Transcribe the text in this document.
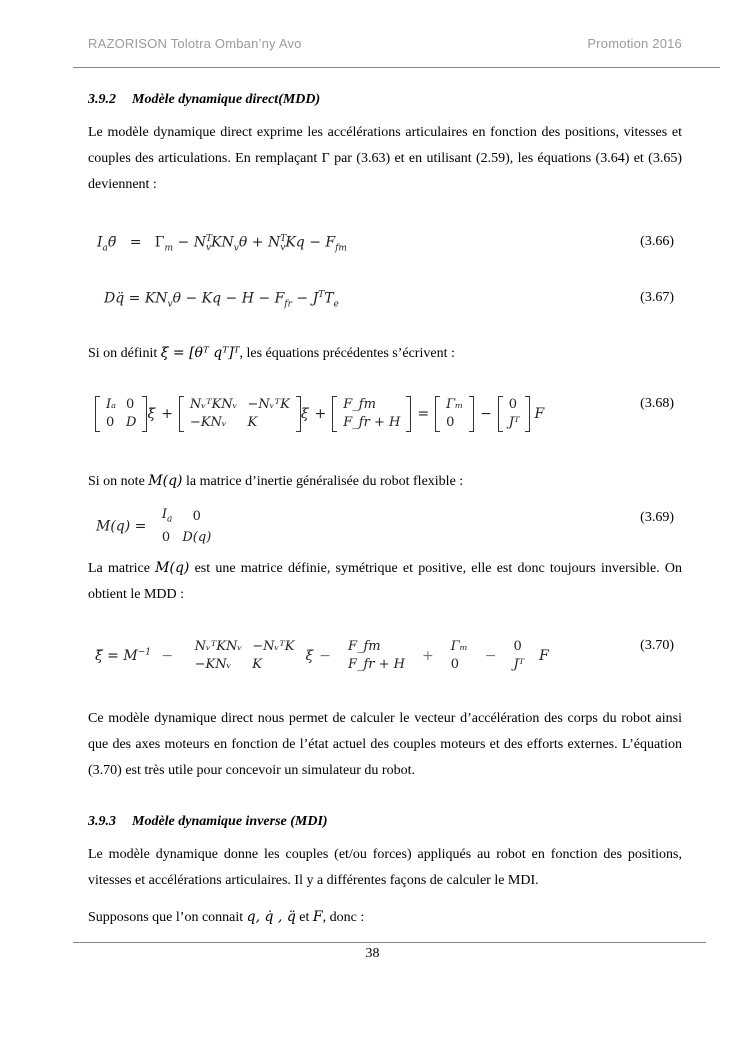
RAZORISON Tolotra Omban’ny Avo	Promotion 2016
3.9.2 Modèle dynamique direct(MDD)

Le modèle dynamique direct exprime les accélérations articulaires en fonction des positions, vitesses et couples des articulations. En remplaçant Γ par (3.63) et en utilisant (2.59), les équations (3.64) et (3.65) deviennent :

$I_a\thetä = \Gamma_m - N^T_vKN_v\theta + N^T_vKq - F_{fm}$	(3.66)
Dq̈ = $KN_v\theta - Kq - H - F_{fr} - J^TT_e$	(3.67)

Si on définit ξ = [θᵀ qᵀ]ᵀ, les équations précédentes s’écrivent :

Iₐ	0
0	D
ξ̈ +
NᵥᵀKNᵥ	−NᵥᵀK
−KNᵥ	K
ξ +
F_fm
F_fr + H
=
Γₘ
0
−
0
Jᵀ
F
(3.68)

Si on note M(q) la matrice d’inertie généralisée du robot flexible :

M(q) =
$I_a$	0
0	D(q)
(3.69)

La matrice M(q) est une matrice définie, symétrique et positive, elle est donc toujours inversible. On obtient le MDD :

ξ̈ = $M^{-1}$ −
NᵥᵀKNᵥ	−NᵥᵀK
−KNᵥ	K
ξ −
F_fm
F_fr + H
+
Γₘ
0
−
0
Jᵀ
F
(3.70)

Ce modèle dynamique direct nous permet de calculer le vecteur d’accélération des corps du robot ainsi que des axes moteurs en fonction de l’état actuel des couples moteurs et des efforts externes. L’équation (3.70) est très utile pour concevoir un simulateur du robot.

3.9.3 Modèle dynamique inverse (MDI)

Le modèle dynamique donne les couples (et/ou forces) appliqués au robot en fonction des positions, vitesses et accélérations articulaires. Il y a différentes façons de calculer le MDI.

Supposons que l’on connait q, q̇ , q̈ et F, donc :

38
